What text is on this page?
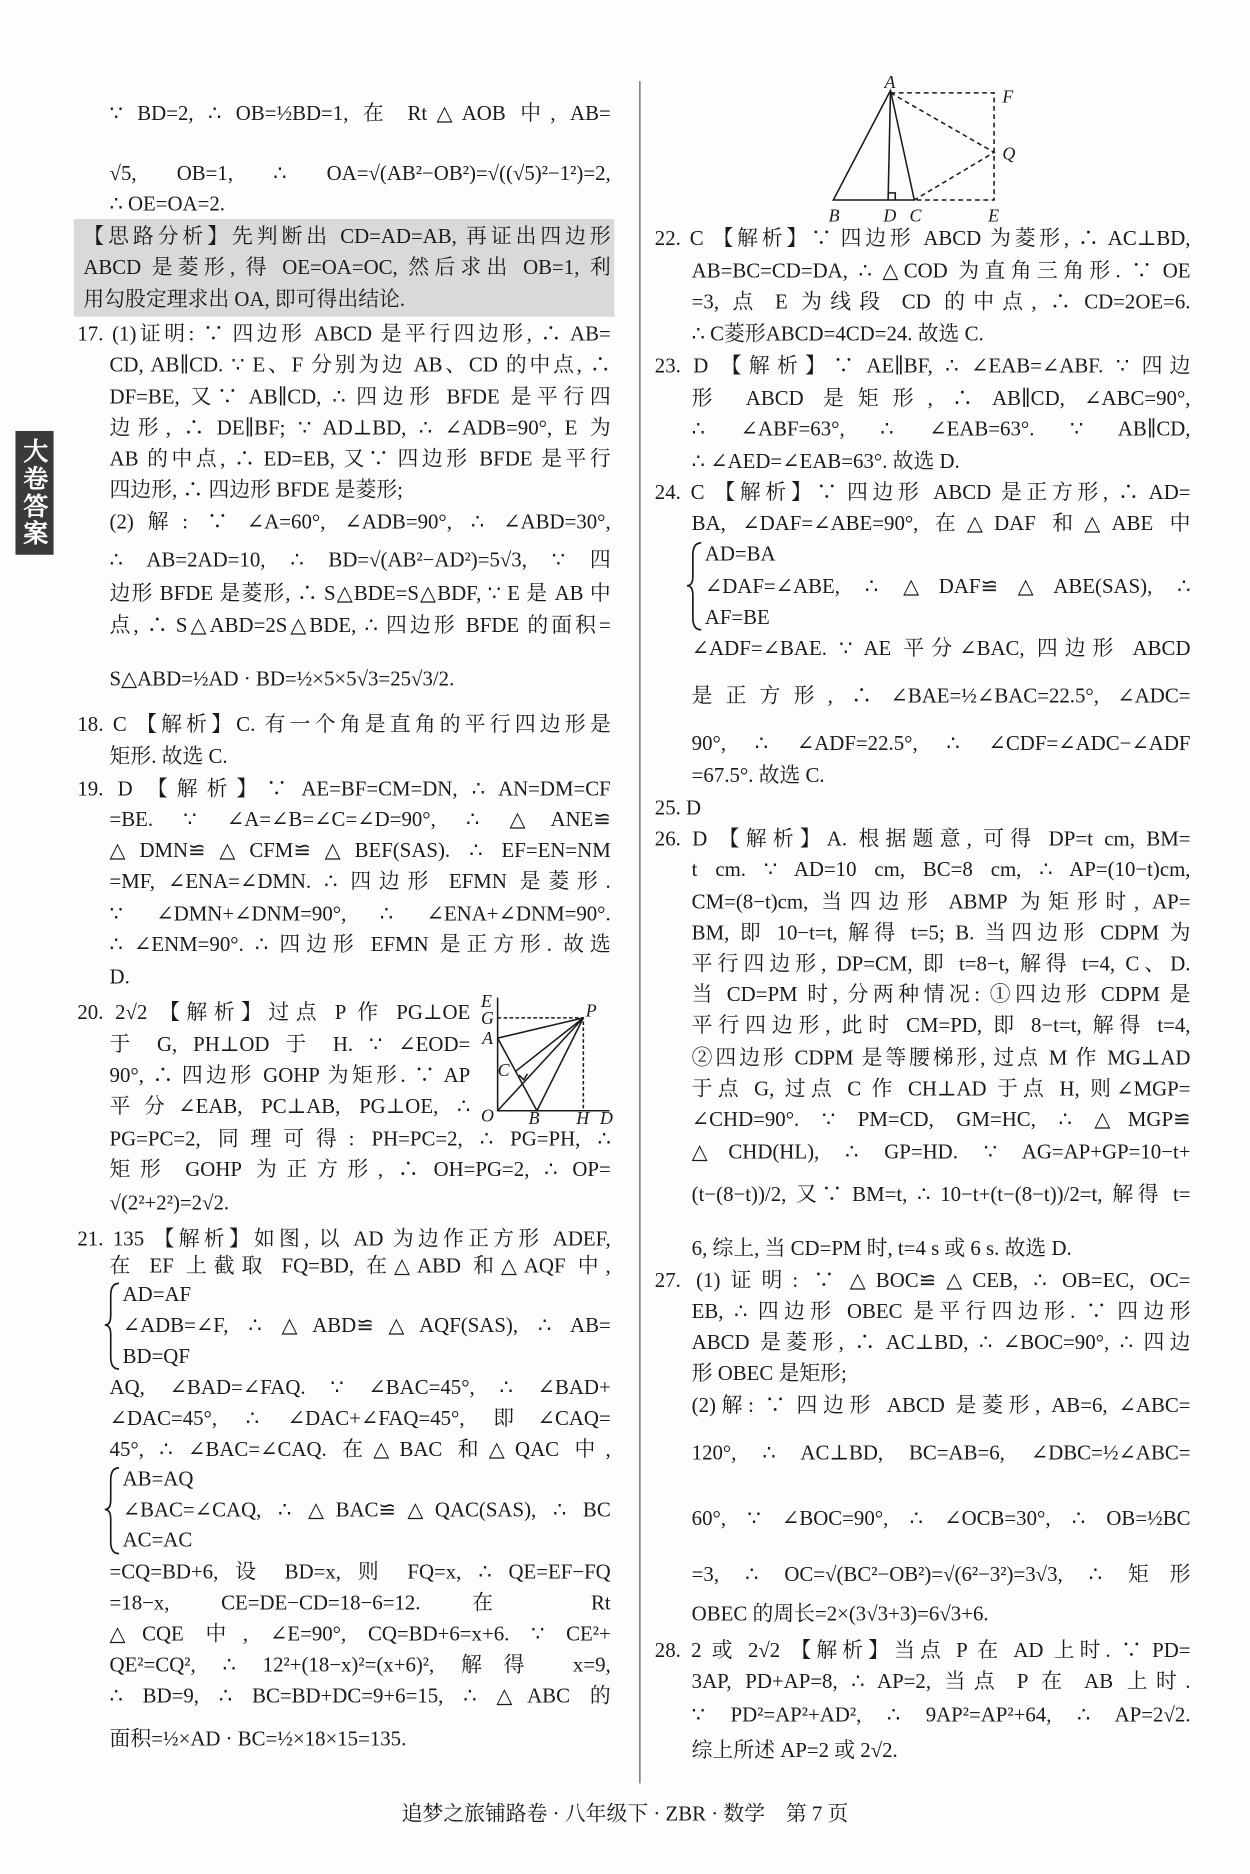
大卷答案
∵ BD=2, ∴ OB=½BD=1, 在 Rt△AOB 中, AB=
√5, OB=1, ∴ OA=√(AB²−OB²)=√((√5)²−1²)=2,
∴ OE=OA=2.
【思路分析】先判断出 CD=AD=AB, 再证出四边形
ABCD 是菱形, 得 OE=OA=OC, 然后求出 OB=1, 利
用勾股定理求出 OA, 即可得出结论.
17. (1)证明: ∵ 四边形 ABCD 是平行四边形, ∴ AB=
CD, AB∥CD. ∵ E、F 分别为边 AB、CD 的中点, ∴
DF=BE, 又∵ AB∥CD, ∴ 四边形 BFDE 是平行四
边形, ∴ DE∥BF; ∵ AD⊥BD, ∴ ∠ADB=90°, E 为
AB 的中点, ∴ ED=EB, 又∵ 四边形 BFDE 是平行
四边形, ∴ 四边形 BFDE 是菱形;
(2)解: ∵ ∠A=60°, ∠ADB=90°, ∴ ∠ABD=30°,
∴ AB=2AD=10, ∴ BD=√(AB²−AD²)=5√3, ∵ 四
边形 BFDE 是菱形, ∴ S△BDE=S△BDF, ∵ E 是 AB 中
点, ∴ S△ABD=2S△BDE, ∴ 四边形 BFDE 的面积=
S△ABD=½AD · BD=½×5×5√3=25√3/2.
18. C 【解析】C. 有一个角是直角的平行四边形是
矩形. 故选 C.
19. D 【解析】∵ AE=BF=CM=DN, ∴ AN=DM=CF
=BE. ∵ ∠A=∠B=∠C=∠D=90°, ∴ △ANE≌
△DMN≌△CFM≌△BEF(SAS). ∴ EF=EN=NM
=MF, ∠ENA=∠DMN. ∴ 四边形 EFMN 是菱形.
∵ ∠DMN+∠DNM=90°, ∴ ∠ENA+∠DNM=90°.
∴ ∠ENM=90°. ∴ 四边形 EFMN 是正方形. 故选
D.
20. 2√2 【解析】过点 P 作 PG⊥OE
于 G, PH⊥OD 于 H. ∵ ∠EOD=
90°, ∴ 四边形 GOHP 为矩形. ∵ AP
平分∠EAB, PC⊥AB, PG⊥OE, ∴
PG=PC=2, 同理可得: PH=PC=2, ∴ PG=PH, ∴
矩形 GOHP 为正方形, ∴ OH=PG=2, ∴ OP=
√(2²+2²)=2√2.
21. 135 【解析】如图, 以 AD 为边作正方形 ADEF,
在 EF 上截取 FQ=BD, 在△ABD 和△AQF 中,
AD=AF
∠ADB=∠F, ∴ △ABD≌△AQF(SAS), ∴ AB=
BD=QF
AQ, ∠BAD=∠FAQ. ∵ ∠BAC=45°, ∴ ∠BAD+
∠DAC=45°, ∴ ∠DAC+∠FAQ=45°, 即∠CAQ=
45°, ∴ ∠BAC=∠CAQ. 在△BAC 和△QAC 中,
AB=AQ
∠BAC=∠CAQ, ∴ △BAC≌△QAC(SAS), ∴ BC
AC=AC
=CQ=BD+6, 设 BD=x, 则 FQ=x, ∴ QE=EF−FQ
=18−x, CE=DE−CD=18−6=12. 在 Rt
△CQE 中, ∠E=90°, CQ=BD+6=x+6. ∵ CE²+
QE²=CQ², ∴ 12²+(18−x)²=(x+6)², 解得 x=9,
∴ BD=9, ∴ BC=BD+DC=9+6=15, ∴ △ABC 的
面积=½×AD · BC=½×18×15=135.
22. C 【解析】∵ 四边形 ABCD 为菱形, ∴ AC⊥BD,
AB=BC=CD=DA, ∴ △COD 为直角三角形. ∵ OE
=3, 点 E 为线段 CD 的中点, ∴ CD=2OE=6.
∴ C菱形ABCD=4CD=24. 故选 C.
23. D 【解析】∵ AE∥BF, ∴ ∠EAB=∠ABF. ∵ 四边
形 ABCD 是矩形, ∴ AB∥CD, ∠ABC=90°,
∴ ∠ABF=63°, ∴ ∠EAB=63°. ∵ AB∥CD,
∴ ∠AED=∠EAB=63°. 故选 D.
24. C 【解析】∵ 四边形 ABCD 是正方形, ∴ AD=
BA, ∠DAF=∠ABE=90°, 在△DAF 和△ABE 中
AD=BA
∠DAF=∠ABE, ∴ △DAF≌△ABE(SAS), ∴
AF=BE
∠ADF=∠BAE. ∵ AE 平分∠BAC, 四边形 ABCD
是正方形, ∴ ∠BAE=½∠BAC=22.5°, ∠ADC=
90°, ∴ ∠ADF=22.5°, ∴ ∠CDF=∠ADC−∠ADF
=67.5°. 故选 C.
25. D
26. D 【解析】A. 根据题意, 可得 DP=t cm, BM=
t cm. ∵ AD=10 cm, BC=8 cm, ∴ AP=(10−t)cm,
CM=(8−t)cm, 当四边形 ABMP 为矩形时, AP=
BM, 即 10−t=t, 解得 t=5; B. 当四边形 CDPM 为
平行四边形, DP=CM, 即 t=8−t, 解得 t=4, C、D.
当 CD=PM 时, 分两种情况: ①四边形 CDPM 是
平行四边形, 此时 CM=PD, 即 8−t=t, 解得 t=4,
②四边形 CDPM 是等腰梯形, 过点 M 作 MG⊥AD
于点 G, 过点 C 作 CH⊥AD 于点 H, 则∠MGP=
∠CHD=90°. ∵ PM=CD, GM=HC, ∴ △MGP≌
△CHD(HL), ∴ GP=HD. ∵ AG=AP+GP=10−t+
(t−(8−t))/2, 又∵ BM=t, ∴ 10−t+(t−(8−t))/2=t, 解得 t=
6, 综上, 当 CD=PM 时, t=4 s 或 6 s. 故选 D.
27. (1)证明: ∵ △BOC≌△CEB, ∴ OB=EC, OC=
EB, ∴ 四边形 OBEC 是平行四边形. ∵ 四边形
ABCD 是菱形, ∴ AC⊥BD, ∴ ∠BOC=90°, ∴ 四边
形 OBEC 是矩形;
(2)解: ∵ 四边形 ABCD 是菱形, AB=6, ∠ABC=
120°, ∴ AC⊥BD, BC=AB=6, ∠DBC=½∠ABC=
60°, ∵ ∠BOC=90°, ∴ ∠OCB=30°, ∴ OB=½BC
=3, ∴ OC=√(BC²−OB²)=√(6²−3²)=3√3, ∴ 矩形
OBEC 的周长=2×(3√3+3)=6√3+6.
28. 2 或 2√2 【解析】当点 P 在 AD 上时. ∵ PD=
3AP, PD+AP=8, ∴ AP=2, 当点 P 在 AB 上时.
∵ PD²=AP²+AD², ∴ 9AP²=AP²+64, ∴ AP=2√2.
综上所述 AP=2 或 2√2.
A
F
Q
B	D C	E
E
G
A
C
O B H D
P
追梦之旅铺路卷 · 八年级下 · ZBR · 数学　第 7 页
